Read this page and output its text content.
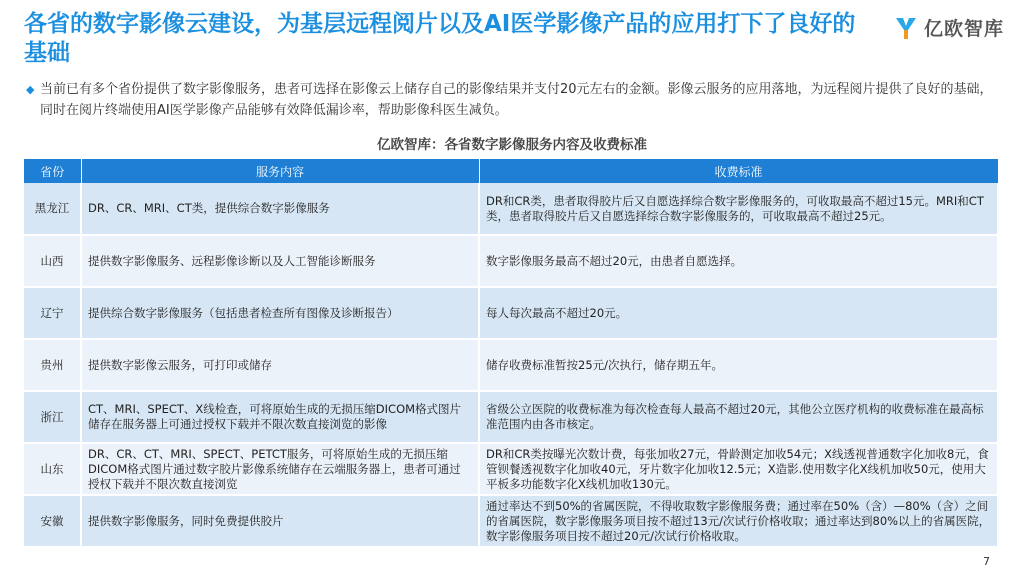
各省的数字影像云建设，为基层远程阅片以及AI医学影像产品的应用打下了良好的基础
亿欧智库
◆ 当前已有多个省份提供了数字影像服务，患者可选择在影像云上储存自己的影像结果并支付20元左右的金额。影像云服务的应用落地，为远程阅片提供了良好的基础，同时在阅片终端使用AI医学影像产品能够有效降低漏诊率，帮助影像科医生减负。
亿欧智库：各省数字影像服务内容及收费标准
省份	服务内容	收费标准
黑龙江	DR、CR、MRI、CT类，提供综合数字影像服务	DR和CR类，患者取得胶片后又自愿选择综合数字影像服务的，可收取最高不超过15元。MRI和CT类，患者取得胶片后又自愿选择综合数字影像服务的，可收取最高不超过25元。
山西	提供数字影像服务、远程影像诊断以及人工智能诊断服务	数字影像服务最高不超过20元，由患者自愿选择。
辽宁	提供综合数字影像服务（包括患者检查所有图像及诊断报告）	每人每次最高不超过20元。
贵州	提供数字影像云服务，可打印或储存	储存收费标准暂按25元/次执行，储存期五年。
浙江	CT、MRI、SPECT、X线检查，可将原始生成的无损压缩DICOM格式图片储存在服务器上可通过授权下载并不限次数直接浏览的影像	省级公立医院的收费标准为每次检查每人最高不超过20元，其他公立医疗机构的收费标准在最高标准范围内由各市核定。
山东	DR、CR、CT、MRI、SPECT、PETCT服务，可将原始生成的无损压缩DICOM格式图片通过数字胶片影像系统储存在云端服务器上，患者可通过授权下载并不限次数直接浏览	DR和CR类按曝光次数计费，每张加收27元，骨龄测定加收54元；X线透视普通数字化加收8元，食管钡餐透视数字化加收40元，牙片数字化加收12.5元；X造影.使用数字化X线机加收50元，使用大平板多功能数字化X线机加收130元。
安徽	提供数字影像服务，同时免费提供胶片	通过率达不到50%的省属医院，不得收取数字影像服务费；通过率在50%（含）—80%（含）之间的省属医院，数字影像服务项目按不超过13元/次试行价格收取；通过率达到80%以上的省属医院，数字影像服务项目按不超过20元/次试行价格收取。
7
